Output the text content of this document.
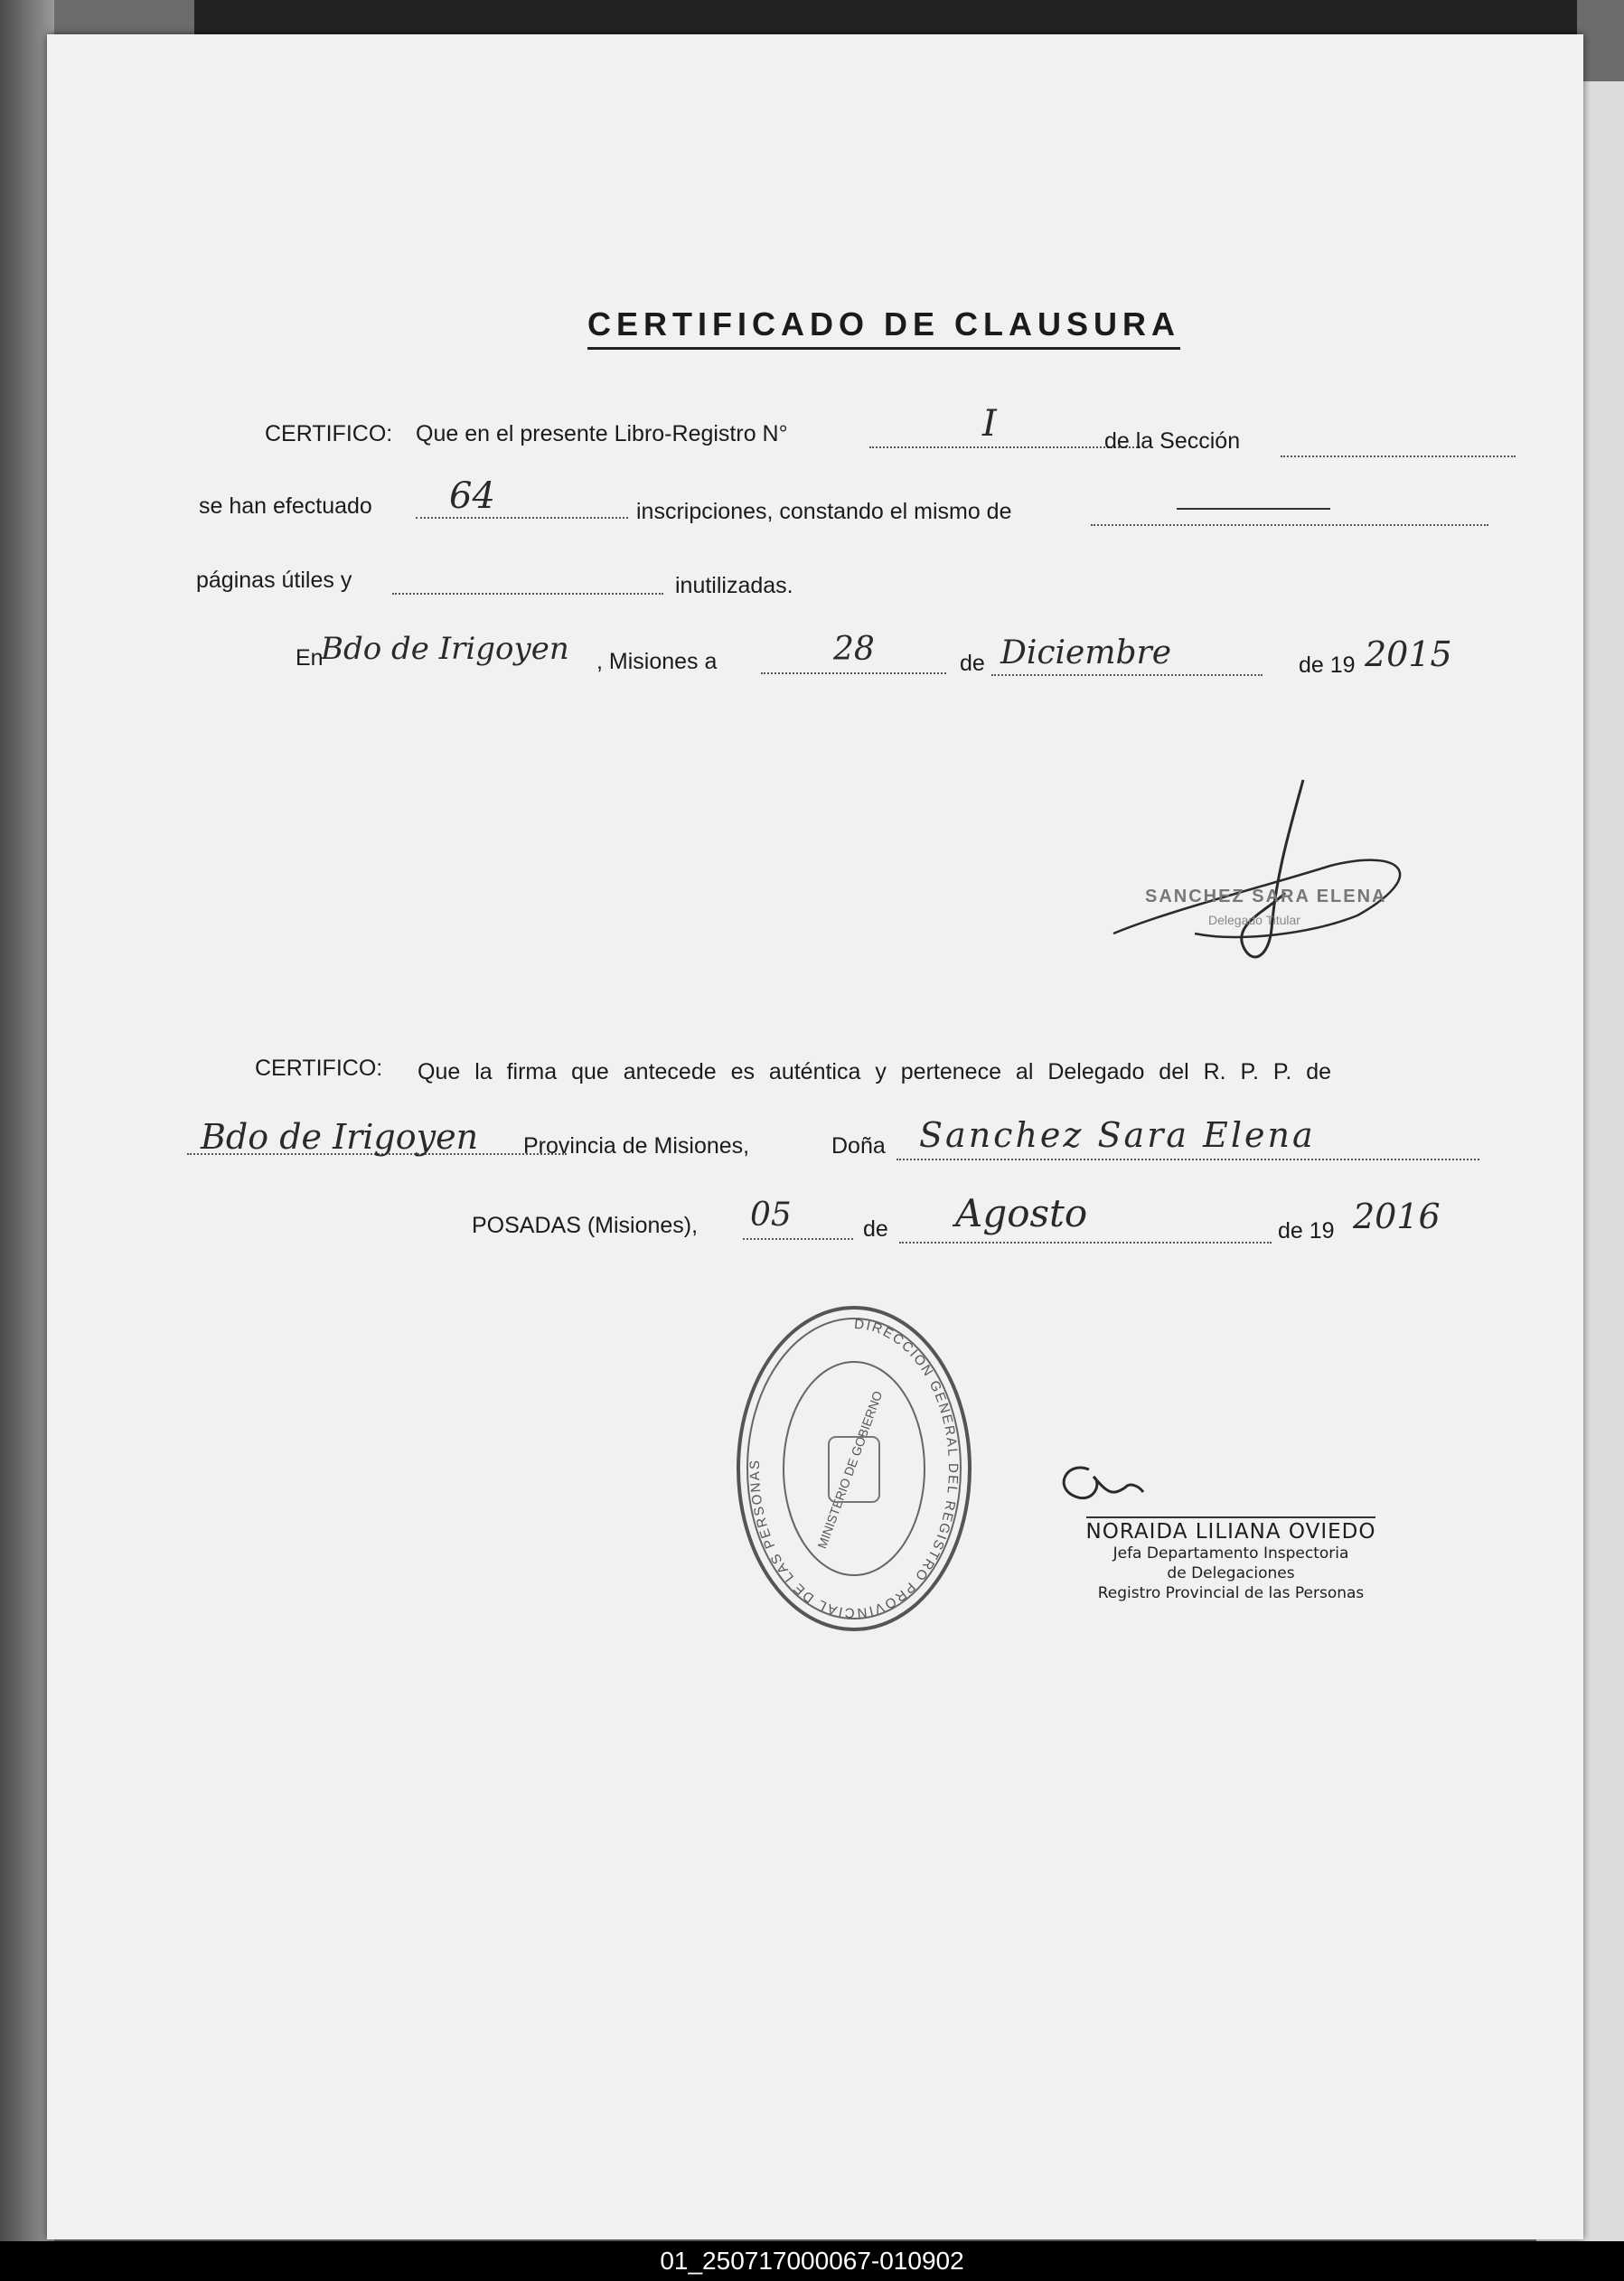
CERTIFICADO DE CLAUSURA
CERTIFICO: Que en el presente Libro-Registro N°	I	de la Sección
se han efectuado 64	inscripciones, constando el mismo de
páginas útiles y	inutilizadas.
En
Bdo de Irigoyen , Misiones a	28	de Diciembre	de 19 2015
SANCHEZ SARA ELENA
Delegado Titular
CERTIFICO: Que la firma que antecede es auténtica y pertenece al Delegado del R. P. P. de
Bdo de Irigoyen Provincia de Misiones,	Doña Sanchez Sara Elena
POSADAS (Misiones), 05	de Agosto	de 19 2016
DIRECCION GENERAL DEL REGISTRO PROVINCIAL DE LAS PERSONAS	MINISTERIO DE GOBIERNO	NORAIDA LILIANA OVIEDO
Jefa Departamento Inspectoria
de Delegaciones
Registro Provincial de las Personas
01_250717000067-010902
